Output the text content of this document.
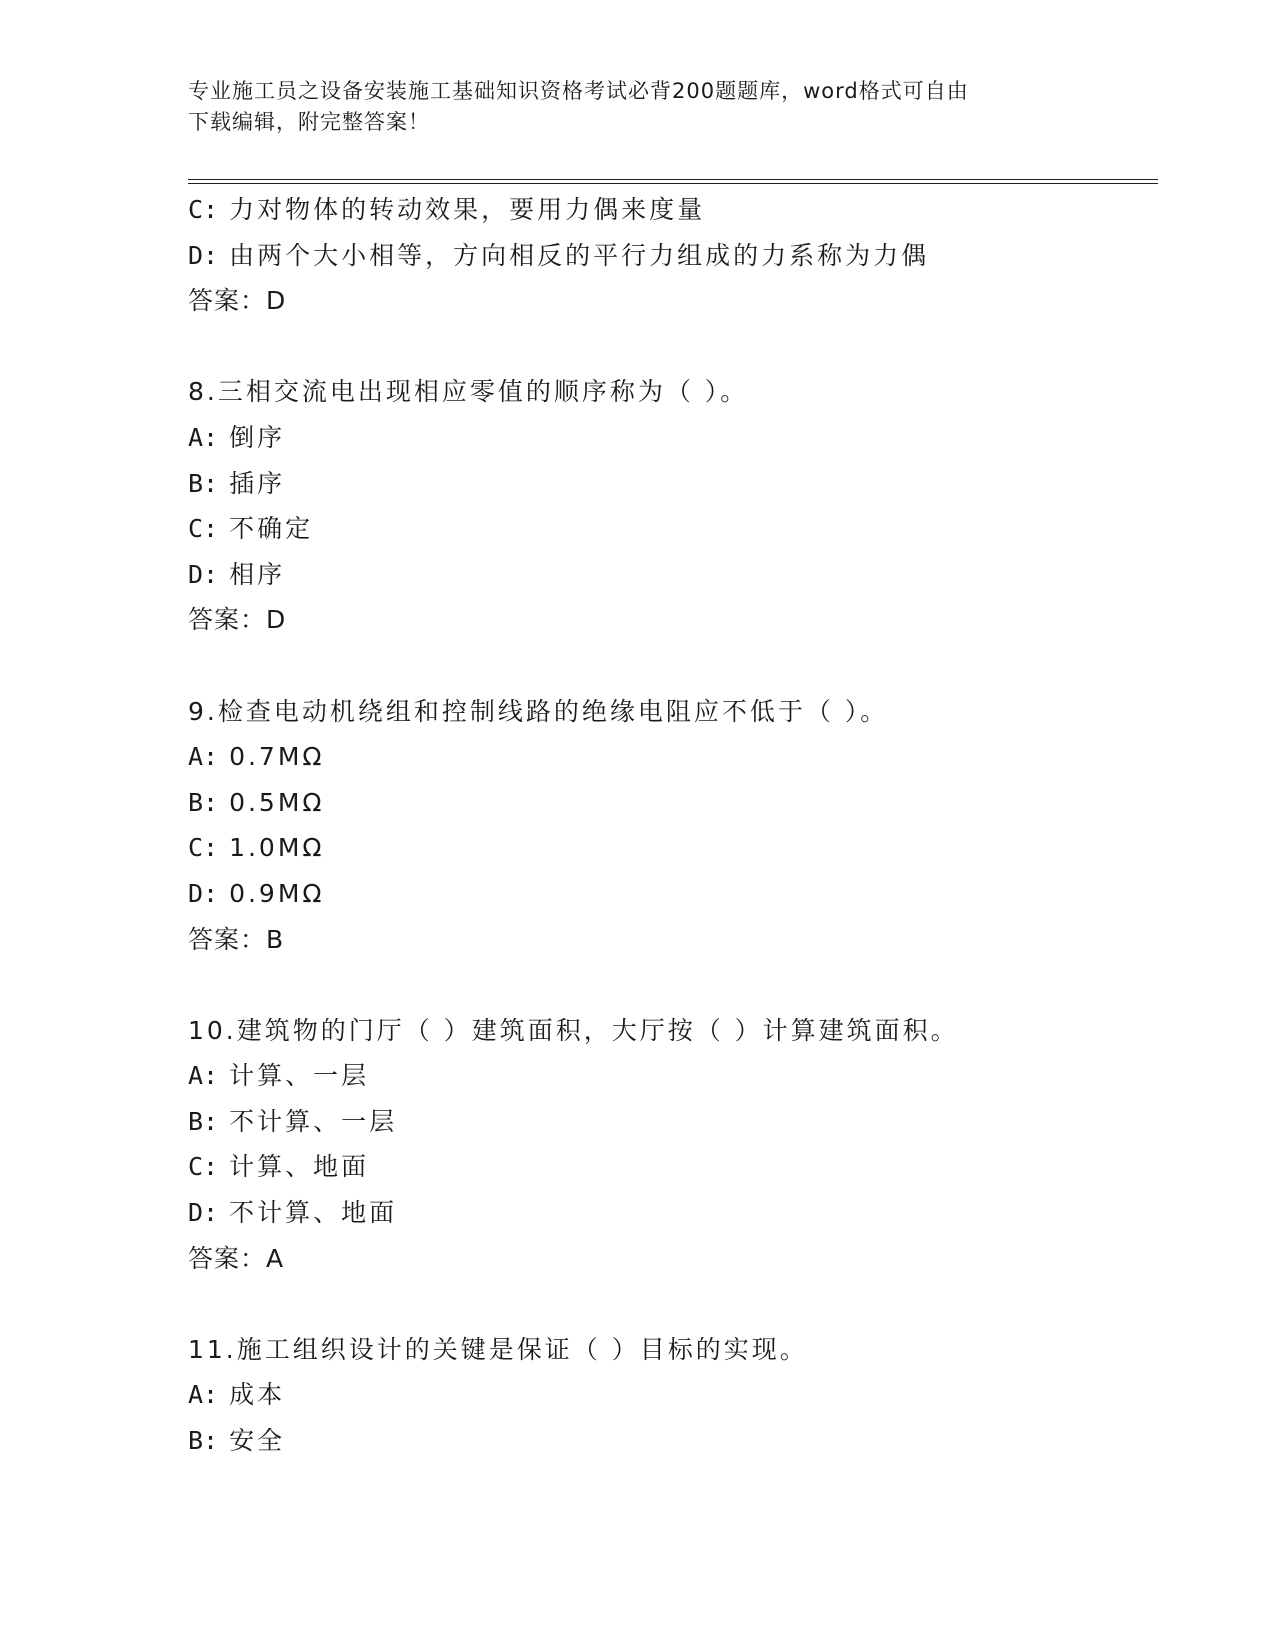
专业施工员之设备安装施工基础知识资格考试必背200题题库，word格式可自由
下载编辑，附完整答案！
C: 力对物体的转动效果，要用力偶来度量
D: 由两个大小相等，方向相反的平行力组成的力系称为力偶
答案：D
8.三相交流电出现相应零值的顺序称为（ ）。
A: 倒序
B: 插序
C: 不确定
D: 相序
答案：D
9.检查电动机绕组和控制线路的绝缘电阻应不低于（ ）。
A: 0.7MΩ
B: 0.5MΩ
C: 1.0MΩ
D: 0.9MΩ
答案：B
10.建筑物的门厅（ ）建筑面积，大厅按（ ）计算建筑面积。
A: 计算、一层
B: 不计算、一层
C: 计算、地面
D: 不计算、地面
答案：A
11.施工组织设计的关键是保证（ ）目标的实现。
A: 成本
B: 安全
